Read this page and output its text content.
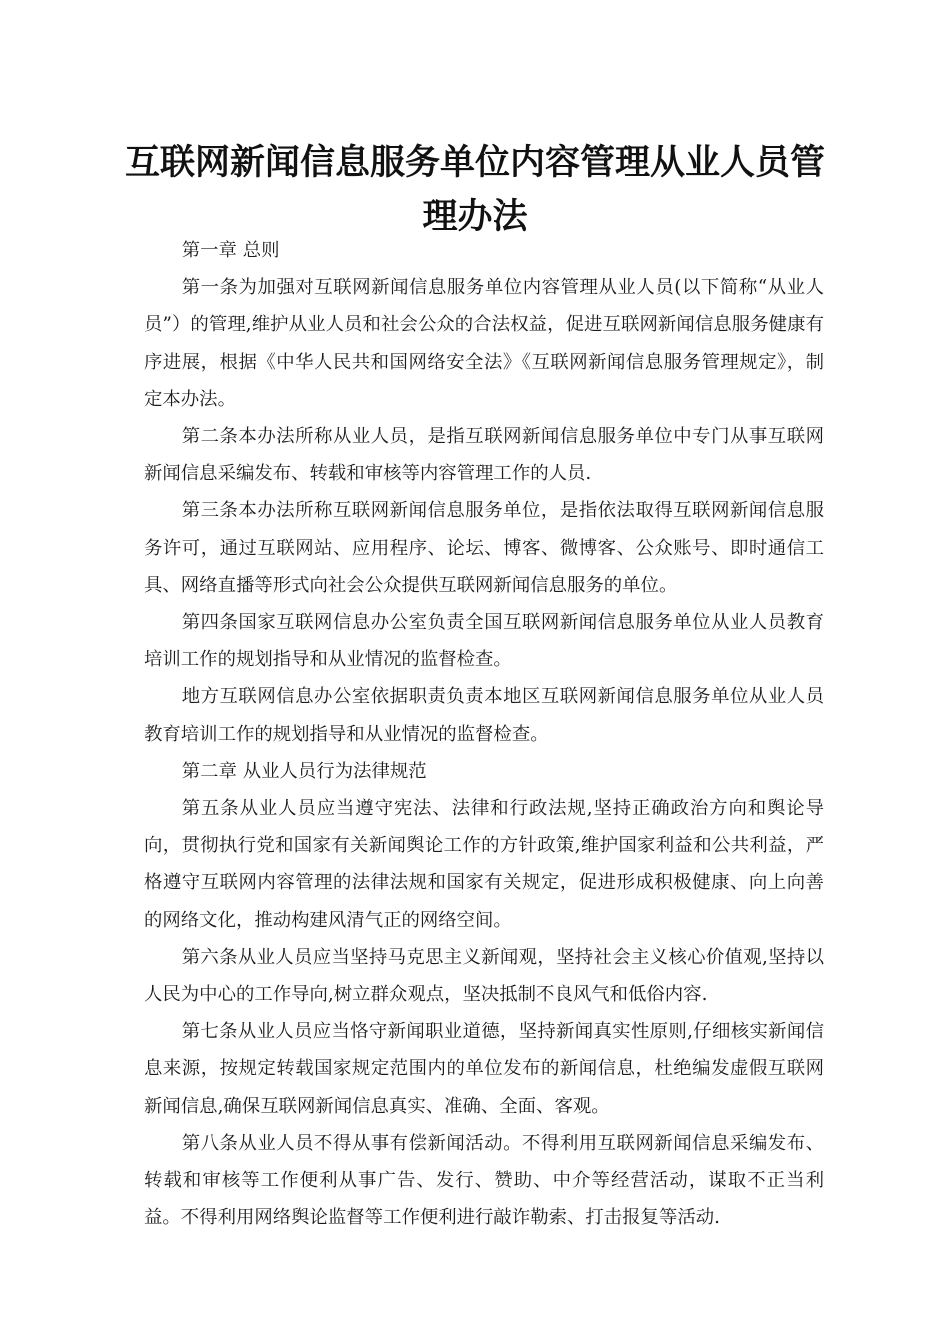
互联网新闻信息服务单位内容管理从业人员管理办法

第一章 总则

第一条为加强对互联网新闻信息服务单位内容管理从业人员(以下简称“从业人员”）的管理,维护从业人员和社会公众的合法权益，促进互联网新闻信息服务健康有序进展，根据《中华人民共和国网络安全法》《互联网新闻信息服务管理规定》，制定本办法。

第二条本办法所称从业人员，是指互联网新闻信息服务单位中专门从事互联网新闻信息采编发布、转载和审核等内容管理工作的人员.

第三条本办法所称互联网新闻信息服务单位，是指依法取得互联网新闻信息服务许可，通过互联网站、应用程序、论坛、博客、微博客、公众账号、即时通信工具、网络直播等形式向社会公众提供互联网新闻信息服务的单位。

第四条国家互联网信息办公室负责全国互联网新闻信息服务单位从业人员教育培训工作的规划指导和从业情况的监督检查。

地方互联网信息办公室依据职责负责本地区互联网新闻信息服务单位从业人员教育培训工作的规划指导和从业情况的监督检查。

第二章 从业人员行为法律规范

第五条从业人员应当遵守宪法、法律和行政法规,坚持正确政治方向和舆论导向，贯彻执行党和国家有关新闻舆论工作的方针政策,维护国家利益和公共利益，严格遵守互联网内容管理的法律法规和国家有关规定，促进形成积极健康、向上向善的网络文化，推动构建风清气正的网络空间。

第六条从业人员应当坚持马克思主义新闻观，坚持社会主义核心价值观,坚持以人民为中心的工作导向,树立群众观点，坚决抵制不良风气和低俗内容.

第七条从业人员应当恪守新闻职业道德，坚持新闻真实性原则,仔细核实新闻信息来源，按规定转载国家规定范围内的单位发布的新闻信息，杜绝编发虚假互联网新闻信息,确保互联网新闻信息真实、准确、全面、客观。

第八条从业人员不得从事有偿新闻活动。不得利用互联网新闻信息采编发布、转载和审核等工作便利从事广告、发行、赞助、中介等经营活动，谋取不正当利益。不得利用网络舆论监督等工作便利进行敲诈勒索、打击报复等活动.
